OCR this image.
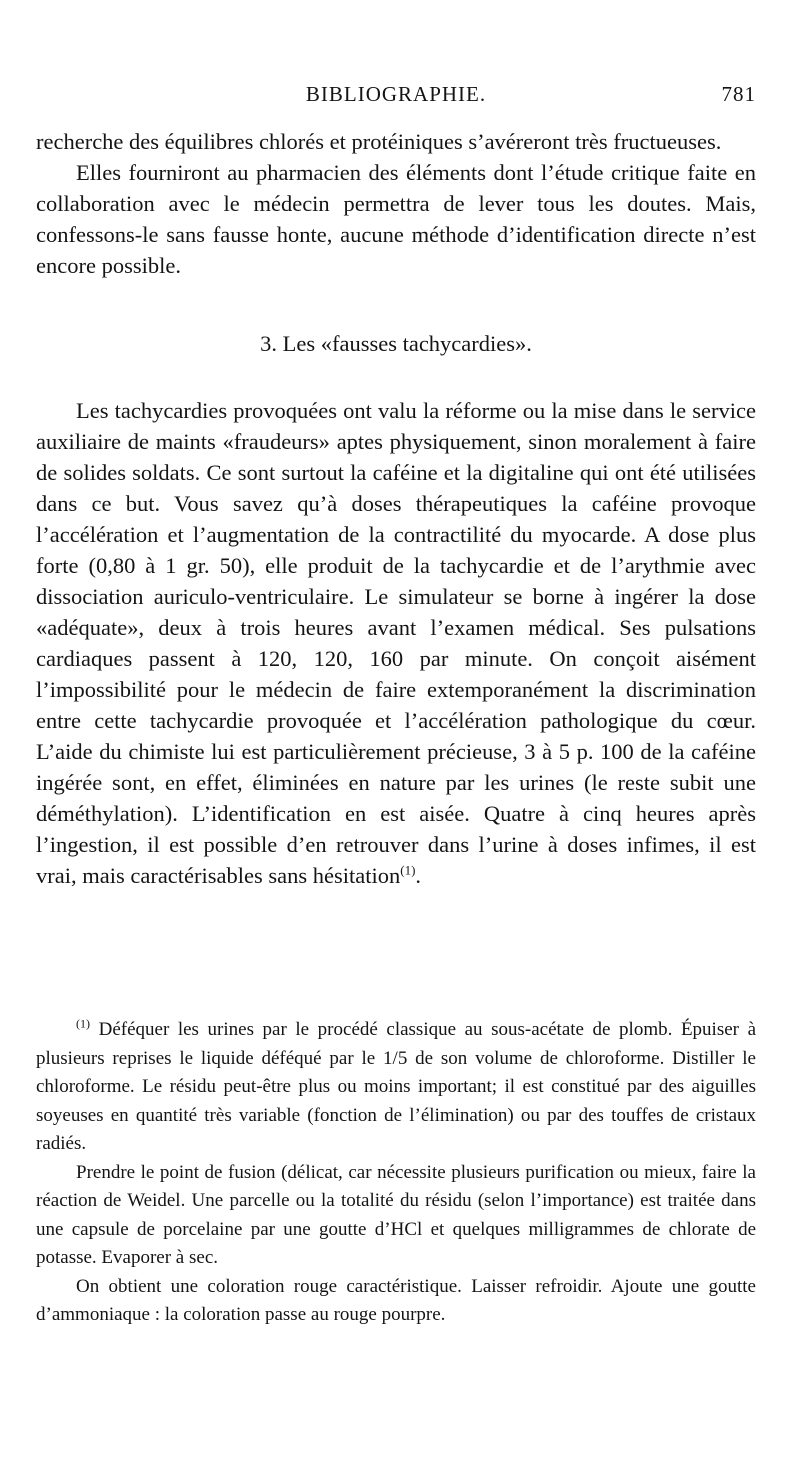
BIBLIOGRAPHIE.	781

recherche des équilibres chlorés et protéiniques s’avéreront très fructueuses.

Elles fourniront au pharmacien des éléments dont l’étude critique faite en collaboration avec le médecin permettra de lever tous les doutes. Mais, confessons-le sans fausse honte, aucune méthode d’identification directe n’est encore possible.

3. Les «fausses tachycardies».

Les tachycardies provoquées ont valu la réforme ou la mise dans le service auxiliaire de maints «fraudeurs» aptes physiquement, sinon moralement à faire de solides soldats. Ce sont surtout la caféine et la digitaline qui ont été utilisées dans ce but. Vous savez qu’à doses thérapeutiques la caféine provoque l’accélération et l’augmentation de la contractilité du myocarde. A dose plus forte (0,80 à 1 gr. 50), elle produit de la tachycardie et de l’arythmie avec dissociation auriculo-ventriculaire. Le simulateur se borne à ingérer la dose «adéquate», deux à trois heures avant l’examen médical. Ses pulsations cardiaques passent à 120, 120, 160 par minute. On conçoit aisément l’impossibilité pour le médecin de faire extemporanément la discrimination entre cette tachycardie provoquée et l’accélération pathologique du cœur. L’aide du chimiste lui est particulièrement précieuse, 3 à 5 p. 100 de la caféine ingérée sont, en effet, éliminées en nature par les urines (le reste subit une déméthylation). L’identification en est aisée. Quatre à cinq heures après l’ingestion, il est possible d’en retrouver dans l’urine à doses infimes, il est vrai, mais caractérisables sans hésitation$^{(1)}$.

$^{(1)}$ Déféquer les urines par le procédé classique au sous-acétate de plomb. Épuiser à plusieurs reprises le liquide déféqué par le 1/5 de son volume de chloroforme. Distiller le chloroforme. Le résidu peut-être plus ou moins important; il est constitué par des aiguilles soyeuses en quantité très variable (fonction de l’élimination) ou par des touffes de cristaux radiés.

Prendre le point de fusion (délicat, car nécessite plusieurs purification ou mieux, faire la réaction de Weidel. Une parcelle ou la totalité du résidu (selon l’importance) est traitée dans une capsule de porcelaine par une goutte d’HCl et quelques milligrammes de chlorate de potasse. Evaporer à sec.

On obtient une coloration rouge caractéristique. Laisser refroidir. Ajoute une goutte d’ammoniaque : la coloration passe au rouge pourpre.
